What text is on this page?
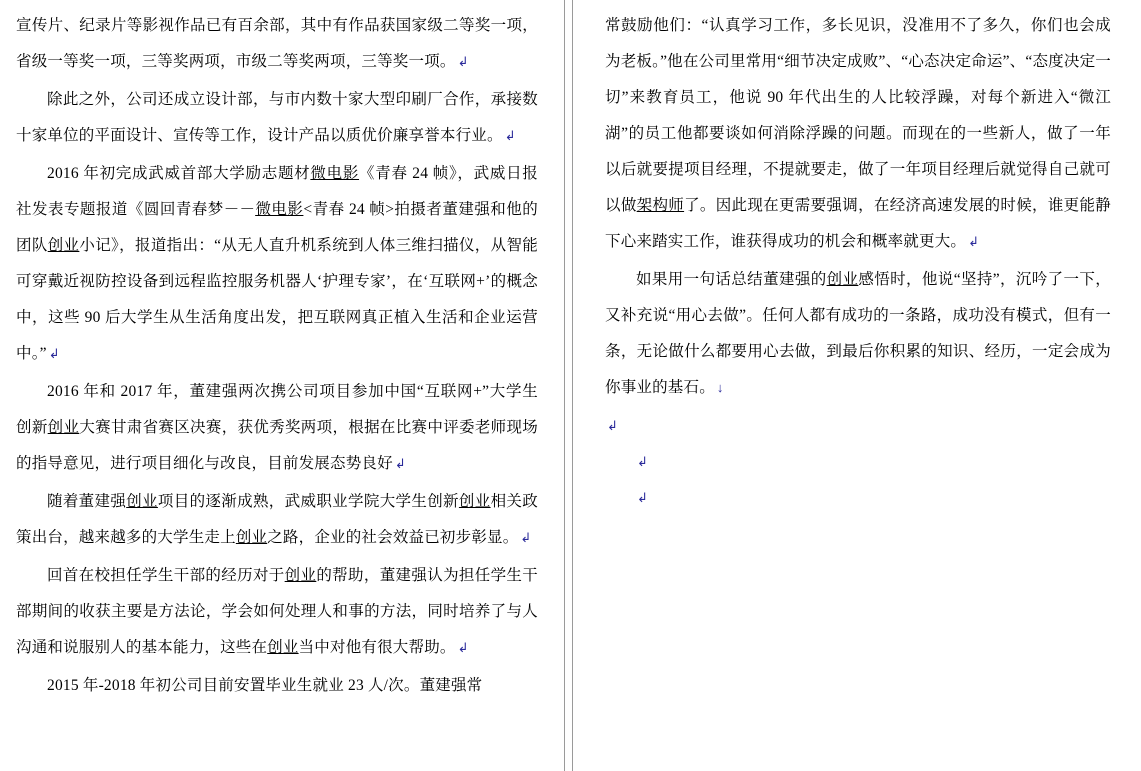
宣传片、纪录片等影视作品已有百余部，其中有作品获国家级二等奖一项，省级一等奖一项，三等奖两项，市级二等奖两项，三等奖一项。 ↲

除此之外，公司还成立设计部，与市内数十家大型印刷厂合作，承接数十家单位的平面设计、宣传等工作，设计产品以质优价廉享誉本行业。 ↲

2016 年初完成武威首部大学励志题材微电影《青春 24 帧》，武威日报社发表专题报道《圆回青春梦－－微电影<青春 24 帧>拍摄者董建强和他的团队创业小记》，报道指出：“从无人直升机系统到人体三维扫描仪，从智能可穿戴近视防控设备到远程监控服务机器人‘护理专家’，在‘互联网+’的概念中，这些 90 后大学生从生活角度出发，把互联网真正植入生活和企业运营中。” ↲

2016 年和 2017 年，董建强两次携公司项目参加中国“互联网+”大学生创新创业大赛甘肃省赛区决赛，获优秀奖两项，根据在比赛中评委老师现场的指导意见，进行项目细化与改良，目前发展态势良好 ↲

随着董建强创业项目的逐渐成熟，武威职业学院大学生创新创业相关政策出台，越来越多的大学生走上创业之路，企业的社会效益已初步彰显。 ↲

回首在校担任学生干部的经历对于创业的帮助，董建强认为担任学生干部期间的收获主要是方法论，学会如何处理人和事的方法，同时培养了与人沟通和说服别人的基本能力，这些在创业当中对他有很大帮助。 ↲

2015 年-2018 年初公司目前安置毕业生就业 23 人/次。董建强常

常鼓励他们：“认真学习工作，多长见识，没准用不了多久，你们也会成为老板。”他在公司里常用“细节决定成败”、“心态决定命运”、“态度决定一切”来教育员工，他说 90 年代出生的人比较浮躁，对每个新进入“微江湖”的员工他都要谈如何消除浮躁的问题。而现在的一些新人，做了一年以后就要提项目经理，不提就要走，做了一年项目经理后就觉得自己就可以做架构师了。因此现在更需要强调，在经济高速发展的时候，谁更能静下心来踏实工作，谁获得成功的机会和概率就更大。 ↲

如果用一句话总结董建强的创业感悟时，他说“坚持”，沉吟了一下，又补充说“用心去做”。任何人都有成功的一条路，成功没有模式，但有一条，无论做什么都要用心去做，到最后你积累的知识、经历，一定会成为你事业的基石。 ↓

↲

↲

↲
